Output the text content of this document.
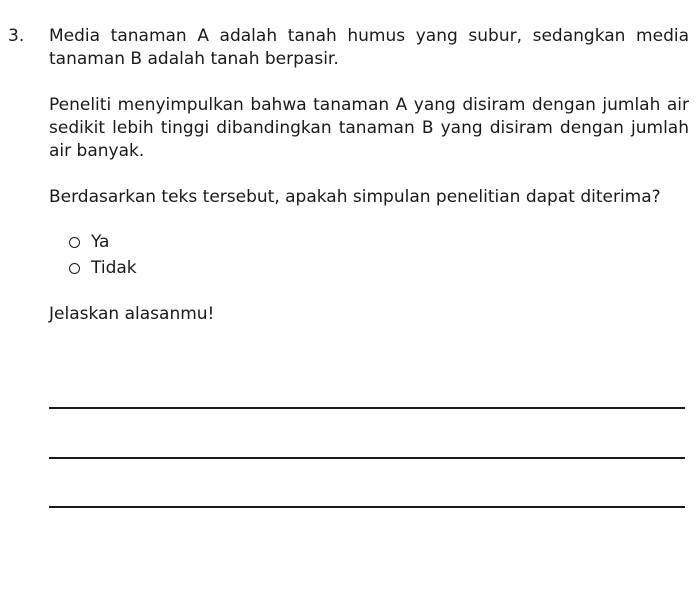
3. Media tanaman A adalah tanah humus yang subur, sedangkan media tanaman B adalah tanah berpasir.

Peneliti menyimpulkan bahwa tanaman A yang disiram dengan jumlah air sedikit lebih tinggi dibandingkan tanaman B yang disiram dengan jumlah air banyak.

Berdasarkan teks tersebut, apakah simpulan penelitian dapat diterima?

Ya
Tidak

Jelaskan alasanmu!
